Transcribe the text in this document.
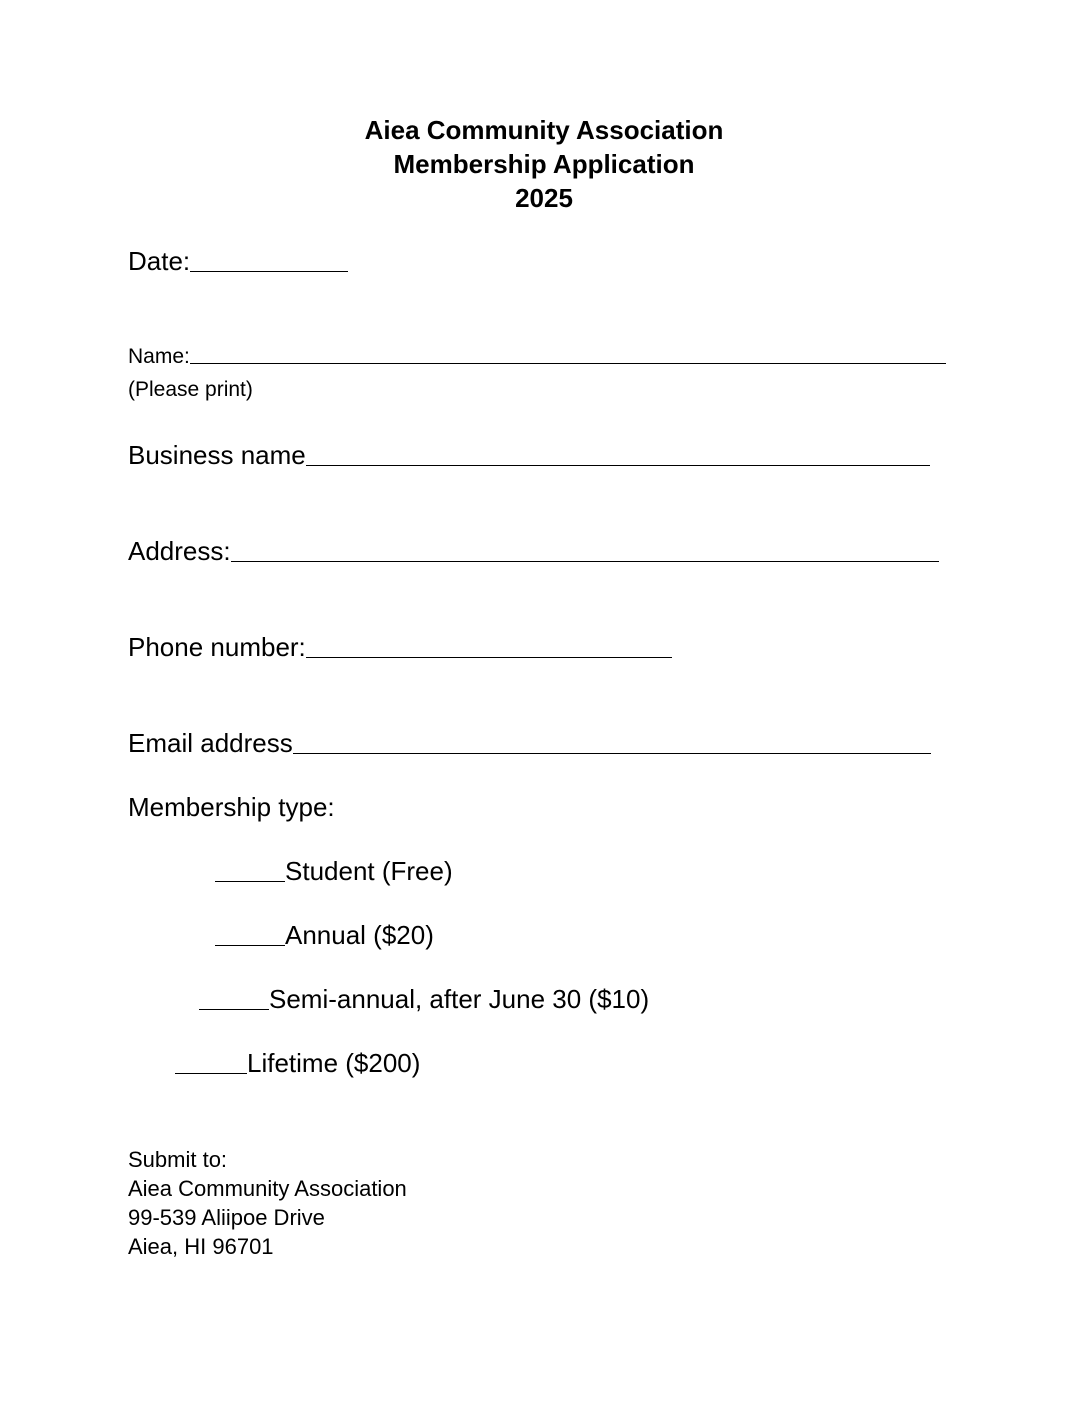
Aiea Community Association
Membership Application
2025
Date:
Name:
(Please print)
Business name
Address:
Phone number:
Email address
Membership type:
Student (Free)
Annual ($20)
Semi-annual, after June 30 ($10)
Lifetime ($200)
Submit to:
Aiea Community Association
99-539 Aliipoe Drive
Aiea, HI 96701
